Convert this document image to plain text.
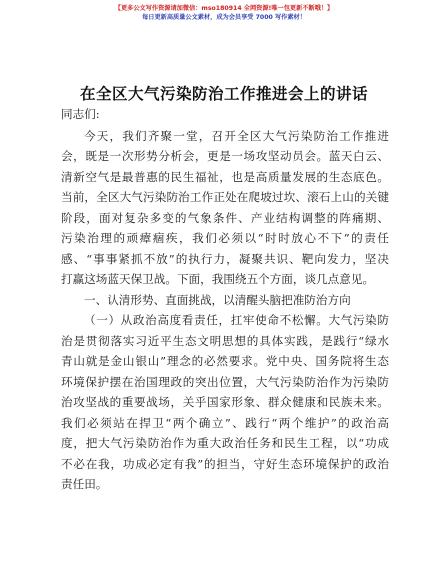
【更多公文写作资源请加微信：mso180914 全网资源!唯一包更新不断哦！】
每日更新高质量公文素材，成为会员享受 7000 写作素材！
在全区大气污染防治工作推进会上的讲话
同志们:
今天，我们齐聚一堂，召开全区大气污染防治工作推进
会，既是一次形势分析会，更是一场攻坚动员会。蓝天白云、
清新空气是最普惠的民生福祉，也是高质量发展的生态底色。
当前，全区大气污染防治工作正处在爬坡过坎、滚石上山的关键
阶段，面对复杂多变的气象条件、产业结构调整的阵痛期、
污染治理的顽瘴痼疾，我们必须以“时时放心不下”的责任
感、“事事紧抓不放”的执行力，凝聚共识、靶向发力，坚决
打赢这场蓝天保卫战。下面，我围绕五个方面，谈几点意见。
一、认清形势、直面挑战，以清醒头脑把准防治方向
（一）从政治高度看责任，扛牢使命不松懈。大气污染防
治是贯彻落实习近平生态文明思想的具体实践，是践行“绿水
青山就是金山银山”理念的必然要求。党中央、国务院将生态
环境保护摆在治国理政的突出位置，大气污染防治作为污染防
治攻坚战的重要战场，关乎国家形象、群众健康和民族未来。
我们必须站在捍卫“两个确立”、践行“两个维护”的政治高
度，把大气污染防治作为重大政治任务和民生工程，以“功成
不必在我，功成必定有我”的担当，守好生态环境保护的政治
责任田。
